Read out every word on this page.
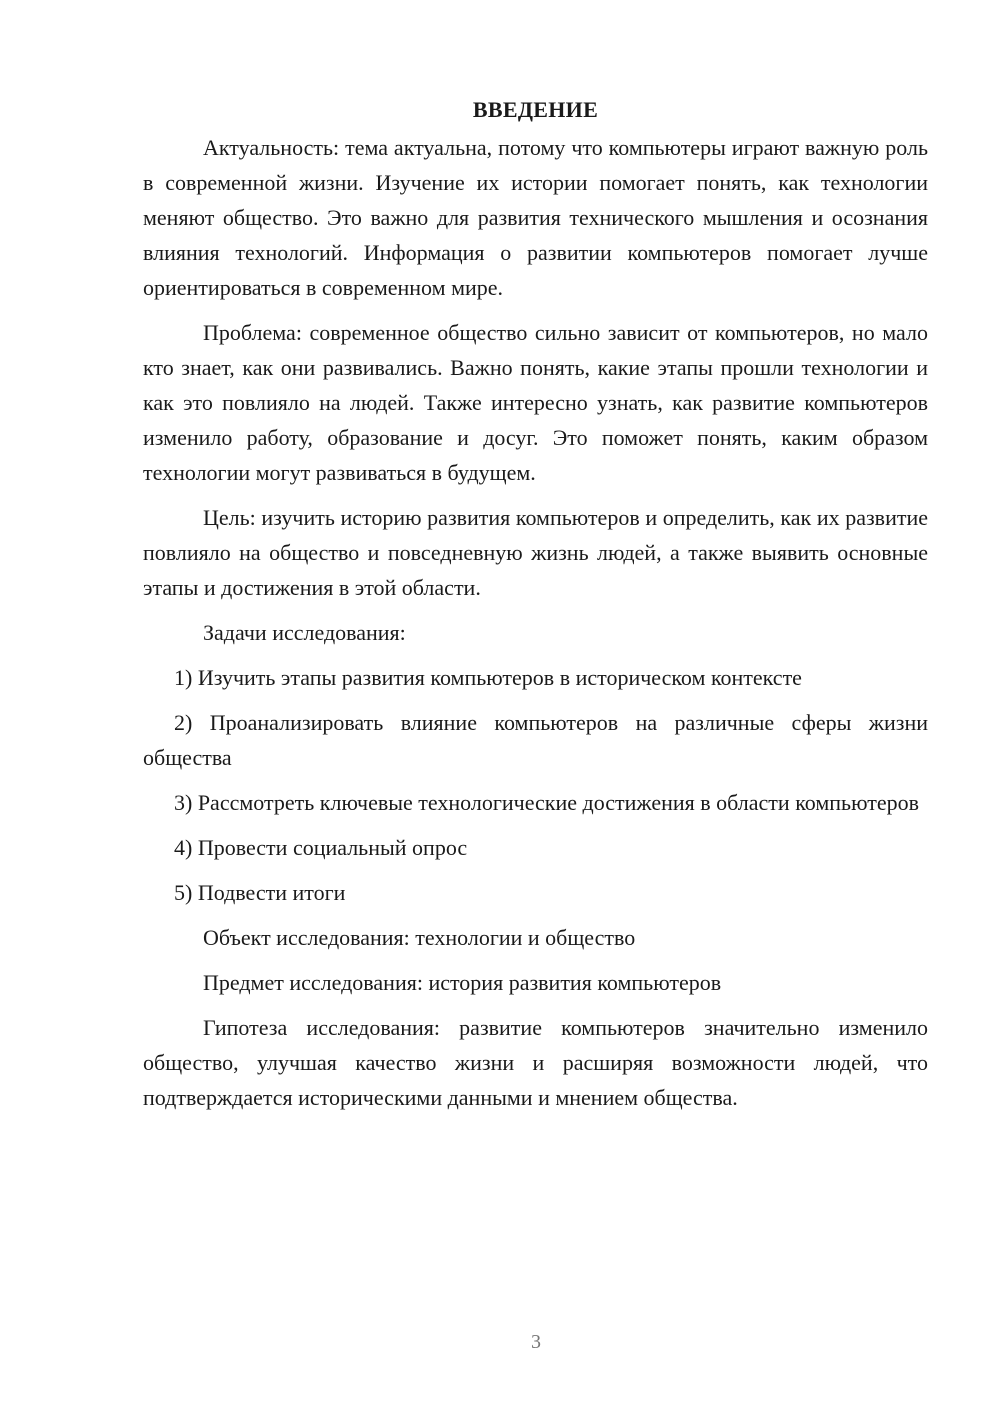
ВВЕДЕНИЕ

Актуальность: тема актуальна, потому что компьютеры играют важную роль в современной жизни. Изучение их истории помогает понять, как технологии меняют общество. Это важно для развития технического мышления и осознания влияния технологий. Информация о развитии компьютеров помогает лучше ориентироваться в современном мире.

Проблема: современное общество сильно зависит от компьютеров, но мало кто знает, как они развивались. Важно понять, какие этапы прошли технологии и как это повлияло на людей. Также интересно узнать, как развитие компьютеров изменило работу, образование и досуг. Это поможет понять, каким образом технологии могут развиваться в будущем.

Цель: изучить историю развития компьютеров и определить, как их развитие повлияло на общество и повседневную жизнь людей, а также выявить основные этапы и достижения в этой области.

Задачи исследования:

1) Изучить этапы развития компьютеров в историческом контексте

2) Проанализировать влияние компьютеров на различные сферы жизни общества

3) Рассмотреть ключевые технологические достижения в области компьютеров

4) Провести социальный опрос

5) Подвести итоги

Объект исследования: технологии и общество

Предмет исследования: история развития компьютеров

Гипотеза исследования: развитие компьютеров значительно изменило общество, улучшая качество жизни и расширяя возможности людей, что подтверждается историческими данными и мнением общества.

3
